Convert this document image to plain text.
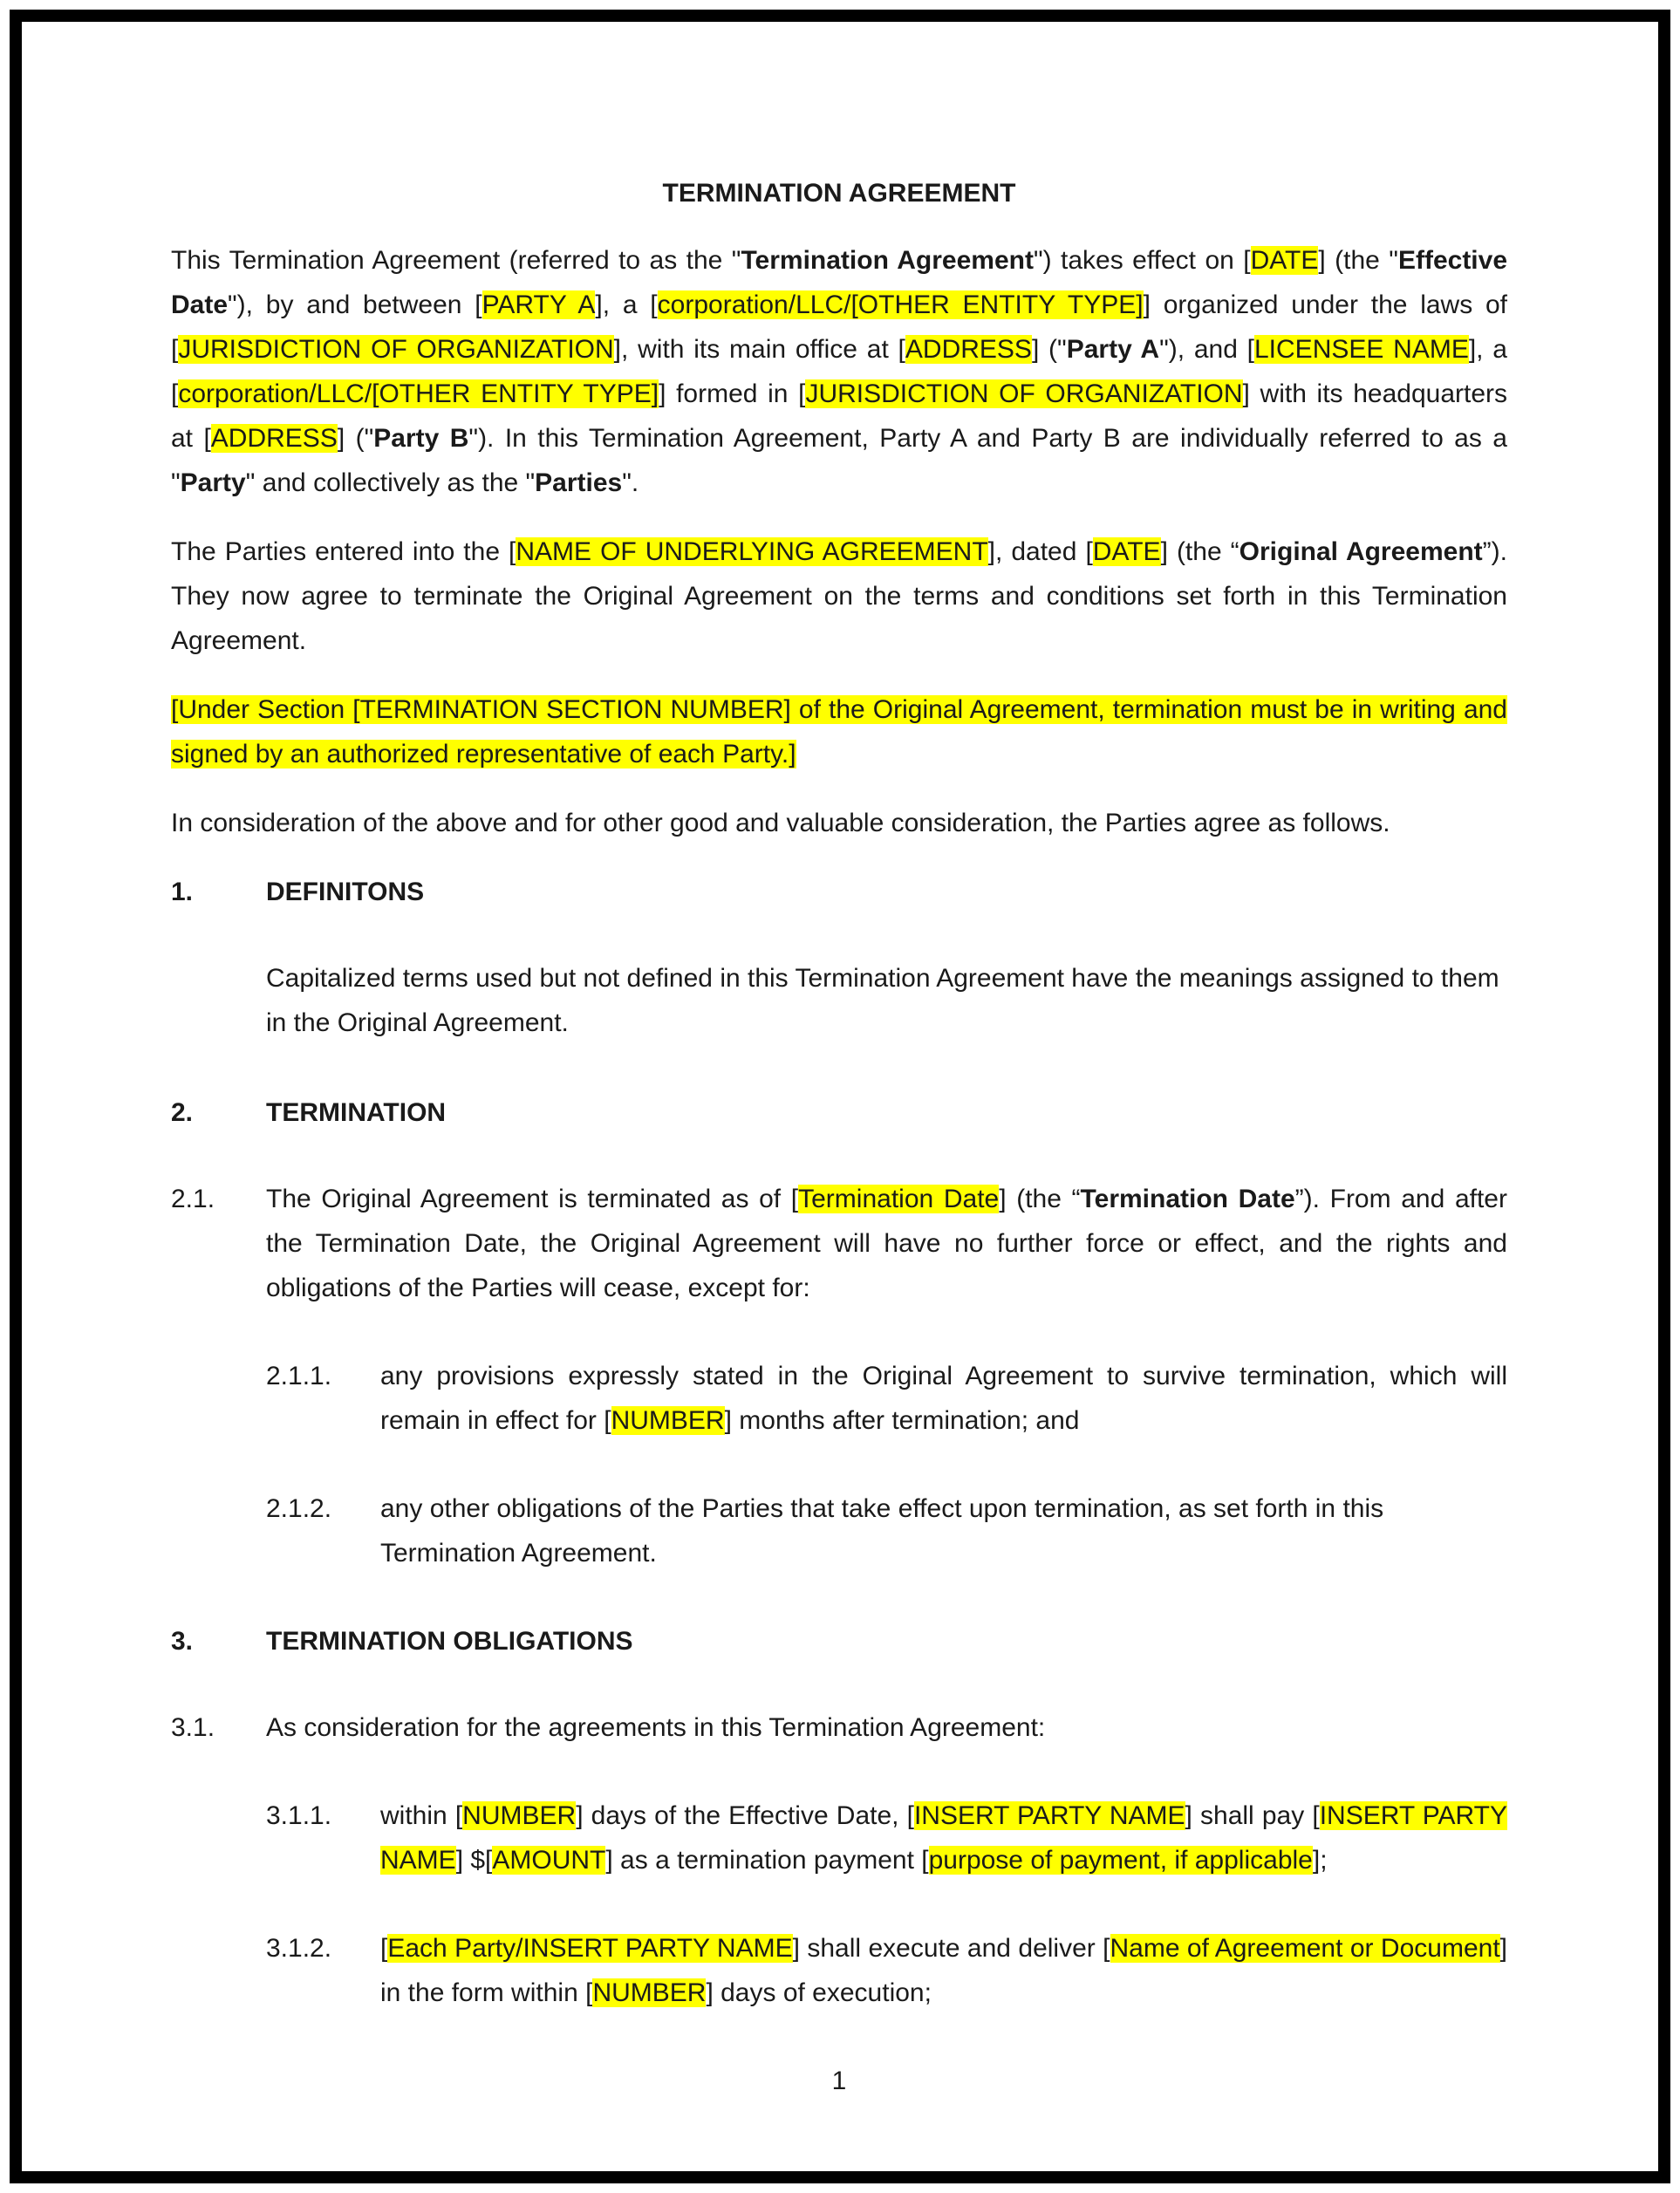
TERMINATION AGREEMENT
This Termination Agreement (referred to as the "Termination Agreement") takes effect on [DATE] (the "Effective Date"), by and between [PARTY A], a [corporation/LLC/[OTHER ENTITY TYPE]] organized under the laws of [JURISDICTION OF ORGANIZATION], with its main office at [ADDRESS] ("Party A"), and [LICENSEE NAME], a [corporation/LLC/[OTHER ENTITY TYPE]] formed in [JURISDICTION OF ORGANIZATION] with its headquarters at [ADDRESS] ("Party B"). In this Termination Agreement, Party A and Party B are individually referred to as a "Party" and collectively as the "Parties".
The Parties entered into the [NAME OF UNDERLYING AGREEMENT], dated [DATE] (the “Original Agreement”). They now agree to terminate the Original Agreement on the terms and conditions set forth in this Termination Agreement.
[Under Section [TERMINATION SECTION NUMBER] of the Original Agreement, termination must be in writing and signed by an authorized representative of each Party.]
In consideration of the above and for other good and valuable consideration, the Parties agree as follows.
1.	DEFINITONS
Capitalized terms used but not defined in this Termination Agreement have the meanings assigned to them in the Original Agreement.
2.	TERMINATION
2.1.	The Original Agreement is terminated as of [Termination Date] (the “Termination Date”). From and after the Termination Date, the Original Agreement will have no further force or effect, and the rights and obligations of the Parties will cease, except for:
2.1.1.	any provisions expressly stated in the Original Agreement to survive termination, which will remain in effect for [NUMBER] months after termination; and
2.1.2.	any other obligations of the Parties that take effect upon termination, as set forth in this Termination Agreement.
3.	TERMINATION OBLIGATIONS
3.1.	As consideration for the agreements in this Termination Agreement:
3.1.1.	within [NUMBER] days of the Effective Date, [INSERT PARTY NAME] shall pay [INSERT PARTY NAME] $[AMOUNT] as a termination payment [purpose of payment, if applicable];
3.1.2.	[Each Party/INSERT PARTY NAME] shall execute and deliver [Name of Agreement or Document] in the form within [NUMBER] days of execution;
1
